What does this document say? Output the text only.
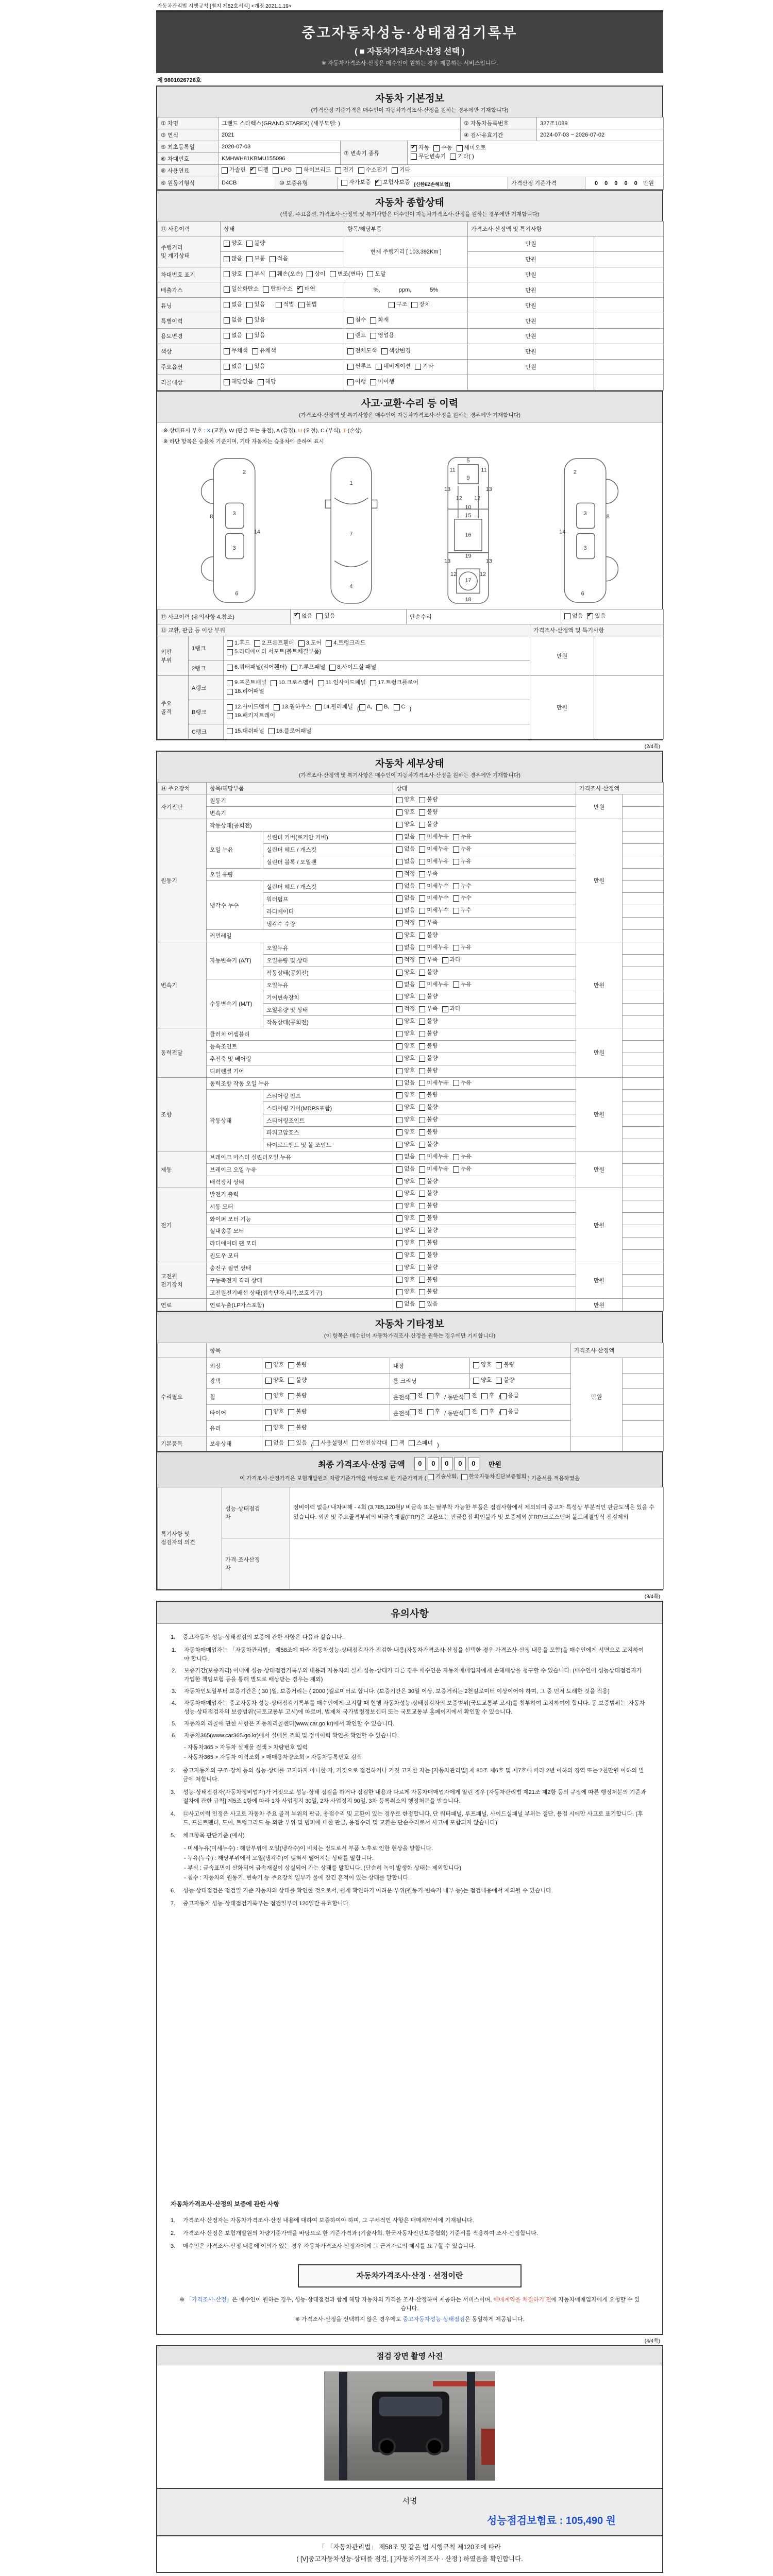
자동차관리법 시행규칙 [별지 제82호서식] <개정 2021.1.19>
중고자동차성능·상태점검기록부
( ■ 자동차가격조사·산정 선택 )
※ 자동차가격조사·산정은 매수인이 원하는 경우 제공하는 서비스입니다.
제 9801026726호
자동차 기본정보
(가격산정 기준가격은 매수인이 자동차가격조사·산정을 원하는 경우에만 기재합니다)
① 차명	그랜드 스타렉스(GRAND STAREX) (세부모델: )	② 자동차등록번호	327조1089
③ 연식	2021	④ 검사유효기간	2024-07-03 ~ 2026-07-02
⑤ 최초등록일	2020-07-03	⑦ 변속기 종류	
✔
자동 수동 세미오토

무단변속기 기타( )

⑥ 차대번호	KMHWH81KBMU155096		
⑧ 사용연료	가솔린 ✔ 디젤 LPG 하이브리드 전기 수소전기 기타
⑨ 원동기형식	D4CB	⑩ 보증유형	자가보증 ✔ 보험사보증 [신한EZ손해보험]	가격산정 기준가격	0 0 0 0 0 만원
자동차 종합상태
(색상, 주요옵션, 가격조사·산정액 및 특기사항은 매수인이 자동차가격조사·산정을 원하는 경우에만 기재합니다)
⑪ 사용이력	상태	항목/해당부품	가격조사·산정액 및 특기사항	
주행거리
및 계기상태	양호 불량	현재 주행거리 [ 103,392Km ]	만원	

	많음 보통 적음		만원	
차대번호 표기	양호 부식 훼손(오손) 상이 변조(변타) 도말	만원	
배출가스	일산화탄소 탄화수소 ✔ 매연	%, ppm, 5%	만원	
튜닝	없음 있음 적법 불법	구조 장치	만원	
특별이력	없음 있음	침수 화재	만원	
용도변경	없음 있음	렌트 영업용	만원	
색상	무채색 유채색	전체도색 색상변경	만원	
주요옵션	없음 있음	썬루프 네비게이션 기타	만원	
리콜대상	해당없음 해당	이행 미이행		

사고·교환·수리 등 이력
(가격조사·산정액 및 특기사항은 매수인이 자동차가격조사·산정을 원하는 경우에만 기재합니다)
※ 상태표시 부호 : X (교환), W (판금 또는 용접), A (흠집), U (요철), C (부식), T (손상)
※ 하단 항목은 승용차 기준이며, 기타 자동차는 승용차에 준하여 표시
2
8	3
3
14
6
1
7
4
5
11	11
9
13	13
12 12
10
15
16
13	13
19
12	12
17
18
2
8
3
3
14
6
⑫ 사고이력 (유의사항 4.참조)	
✔없음 있음	단순수리	없음 ✔ 있음
⑬ 교환, 판금 등 이상 부위	가격조사·산정액 및 특기사항
외판
부위	1랭크	1.후드 2.프론트휀더 3.도어 4.트렁크리드

5.라디에이터 서포트(볼트체결부품)	만원	
	2랭크	6.쿼터패널(리어휀더) 7.루프패널 8.사이드실 패널		

주요
골격	A랭크	9.프론트패널 10.크로스멤버 11.인사이드패널 17.트렁크플로어

18.리어패널	만원	
B랭크	
12.사이드멤버 13.휠하우스 14.필러패널 ( A, B, C )

19.패키지트레이

	C랭크	15.대쉬패널 16.플로어패널		
(2/4쪽)
자동차 세부상태
(가격조사·산정액 및 특기사항은 매수인이 자동차가격조사·산정을 원하는 경우에만 기재합니다)
⑭ 주요장치	항목/해당부품		상태	가격조사·산정액	
자기진단	원동기		양호 불량	만원	
	변속기		양호 불량		

원동기	작동상태(공회전)		양호 불량	만원	
	오일 누유	실린더 커버(로커암 커버)	없음 미세누유 누유		

		실린더 헤드 / 개스킷	없음 미세누유 누유		

		실린더 블록 / 오일팬	없음 미세누유 누유		

	오일 유량		적정 부족		

	냉각수 누수	실린더 헤드 / 개스킷	없음 미세누수 누수		

		워터펌프	없음 미세누수 누수		

		라디에이터	없음 미세누수 누수		

		냉각수 수량	적정 부족		

	커먼레일		양호 불량		

변속기	자동변속기 (A/T)	오일누유	없음 미세누유 누유	만원	
		오일유량 및 상태	적정 부족 과다		

		작동상태(공회전)	양호 불량		

	수동변속기 (M/T)	오일누유	없음 미세누유 누유		

		기어변속장치	양호 불량		

		오일유량 및 상태	적정 부족 과다		

		작동상태(공회전)	양호 불량		

동력전달	클러치 어셈블리		양호 불량	만원	
	등속조인트		양호 불량		

	추진축 및 베어링		양호 불량		

	디퍼렌셜 기어		양호 불량		

조향	동력조향 작동 오일 누유		없음 미세누유 누유	만원	
	작동상태	스티어링 펌프	양호 불량		

		스티어링 기어(MDPS포함)	양호 불량		

		스티어링조인트	양호 불량		

		파워고압호스	양호 불량		

		타이로드엔드 및 볼 조인트	양호 불량		

제동	브레이크 마스터 실린더오일 누유		없음 미세누유 누유	만원	
	브레이크 오일 누유		없음 미세누유 누유		

	배력장치 상태		양호 불량		

전기	발전기 출력		양호 불량	만원	
	시동 모터		양호 불량		

	와이퍼 모터 기능		양호 불량		

	실내송풍 모터		양호 불량		

	라디에이터 팬 모터		양호 불량		

	윈도우 모터		양호 불량		

고전원
전기장치	충전구 절연 상태		양호 불량	만원	
	구동축전지 격리 상태		양호 불량		

	고전원전기배선 상태(접속단자,피복,보호기구)		양호 불량		

연료	연료누출(LP가스포함)		없음 있음	만원	
자동차 기타정보
(이 항목은 매수인이 자동차가격조사·산정을 원하는 경우에만 기재합니다)
	항목				가격조사·산정액	
수리필요	외장	양호 불량	내장	양호 불량	만원	
	광택	양호 불량	룸 크리닝	양호 불량		

휠	양호 불량	운전석 전 후 / 동반석 전 후 / 응급

타이어	양호 불량	운전석 전 후 / 동반석 전 후 / 응급

	유리	양호 불량				

기본품목	보유상태	없음 있음 ( 사용설명서 안전삼각대 잭 스패너 )		
최종 가격조사·산정 금액	0 0 0 0 0	만원
이 가격조사·산정가격은 보험개발원의 차량기준가액을 바탕으로 한 기준가격과 ( 기술사회, 한국자동차진단보증협회 ) 기준서를 적용하였음
특기사항 및
점검자의 의견	성능·상태점검
자	정비이력 없음/ 내차피해 - 4회 (3,785,120원)/ 비금속 또는 탈부착 가능한 부품은 점검사항에서 제외되며 중고차 특성상 부분적인 판금도색은 있을 수 있습니다. 외판 및 주요골격부위의 비금속재질(FRP)은 교환또는 판금용접 확인불가 및 보증제외 (FRP/크로스멤버 볼트체결방식 점검제외
	가격·조사산정
자	
(3/4쪽)
유의사항
1.	중고자동차 성능·상태점검의 보증에 관한 사항은 다음과 같습니다.
1.	자동차매매업자는 「자동차관리법」 제58조에 따라 자동차성능·상태점검자가 점검한 내용(자동차가격조사·산정을 선택한 경우 가격조사·산정 내용을 포함)을 매수인에게 서면으로 고지하여야 합니다.
2.	보증기간(보증거리) 이내에 성능·상태점검기록부의 내용과 자동차의 실제 성능·상태가 다른 경우 매수인은 자동차매매업자에게 손해배상을 청구할 수 있습니다. (매수인이 성능상태점검자가 가입한 책임보험 등을 통해 별도로 배상받는 경우는 제외)
3.	자동차인도일부터 보증기간은 ( 30 )일, 보증거리는 ( 2000 )킬로미터로 합니다. (보증기간은 30일 이상, 보증거리는 2천킬로미터 이상이어야 하며, 그 중 먼저 도래한 것을 적용)
4.	자동차매매업자는 중고자동차 성능·상태점검기록부를 매수인에게 고지할 때 현행 자동차성능·상태점검자의 보증범위(국토교통부 고시)를 첨부하여 고지하여야 합니다. 동 보증범위는 '자동차성능·상태점검자의 보증범위'(국토교통부 고시)에 따르며, 법제처 국가법령정보센터 또는 국토교통부 홈페이지에서 확인할 수 있습니다.
5.	자동차의 리콜에 관한 사항은 자동차리콜센터(www.car.go.kr)에서 확인할 수 있습니다.
6.	자동차365(www.car365.go.kr)에서 실매물 조회 및 정비이력 확인을 확인할 수 있습니다.
- 자동차365 > 자동차 실매물 검색 > 차량번호 입력
- 자동차365 > 자동차 이력조회 > 매매용차량조회 > 자동차등록번호 검색
2.	중고자동차의 구조·장치 등의 성능·상태를 고지하지 아니한 자, 거짓으로 점검하거나 거짓 고지한 자는 [자동차관리법] 제 80조 제6호 및 제7호에 따라 2년 이하의 징역 또는 2천만원 이하의 벌금에 처합니다.
3.	성능·상태점검자(자동차정비업자)가 거짓으로 성능·상태 점검을 하거나 점검한 내용과 다르게 자동차매매업자에게 알린 경우 [자동차관리법 제21조 제2항 등의 규정에 따른 행정처분의 기준과 절차에 관한 규칙] 제5조 1항에 따라 1차 사업정지 30일, 2차 사업정지 90일, 3차 등록취소의 행정처분을 받습니다.
4.	⑫사고이력 인정은 사고로 자동차 주요 골격 부위의 판금, 용접수리 및 교환이 있는 경우로 한정합니다. 단 쿼터패널, 루프패널, 사이드실패널 부위는 절단, 용접 시에만 사고로 표기합니다. (후드, 프론트펜더, 도어, 트렁크리드 등 외판 부위 및 범퍼에 대한 판금, 용접수리 및 교환은 단순수리로서 사고에 포함되지 않습니다)
5.	체크항목 판단기준 (예시)
- 미세누유(미세누수) : 해당부위에 오일(냉각수)이 비치는 정도로서 부품 노후로 인한 현상을 말합니다.
- 누유(누수) : 해당부위에서 오일(냉각수)이 맺혀서 떨어지는 상태를 말합니다.
- 부식 : 금속표면이 산화되어 금속재질이 상실되어 가는 상태를 말합니다. (단순히 녹이 발생한 상태는 제외합니다)
- 침수 : 자동차의 원동기, 변속기 등 주요장치 일부가 물에 잠긴 흔적이 있는 상태를 말합니다.
6.	성능·상태점검은 점검일 기준 자동차의 상태를 확인한 것으로서, 쉽게 확인하기 어려운 부위(원동기·변속기 내부 등)는 점검내용에서 제외될 수 있습니다.
7.	중고자동차 성능·상태점검기록부는 점검일부터 120일간 유효합니다.
자동차가격조사·산정의 보증에 관한 사항
1.	가격조사·산정자는 자동차가격조사·산정 내용에 대하여 보증하여야 하며, 그 구체적인 사항은 매매계약서에 기재됩니다.
2.	가격조사·산정은 보험개발원의 차량기준가액을 바탕으로 한 기준가격과 (기술사회, 한국자동차진단보증협회) 기준서를 적용하여 조사·산정합니다.
3.	매수인은 가격조사·산정 내용에 이의가 있는 경우 자동차가격조사·산정자에게 그 근거자료의 제시를 요구할 수 있습니다.
자동차가격조사·산정 · 선정이란
※ 「가격조사·산정」은 매수인이 원하는 경우, 성능·상태점검과 함께 해당 자동차의 가격을 조사·산정하여 제공하는 서비스이며, 매매계약을 체결하기 전에 자동차매매업자에게 요청할 수 있습니다.
※ 가격조사·산정을 선택하지 않은 경우에도 중고자동차성능·상태점검은 동일하게 제공됩니다.
(4/4쪽)
점검 장면 촬영 사진
서명
성능점검보험료 : 105,490 원
「 「자동차관리법」 제58조 및 같은 법 시행규칙 제120조에 따라
( [V]중고자동차성능·상태를 점검, [ ]자동차가격조사 · 산정 ) 하였음을 확인합니다.
